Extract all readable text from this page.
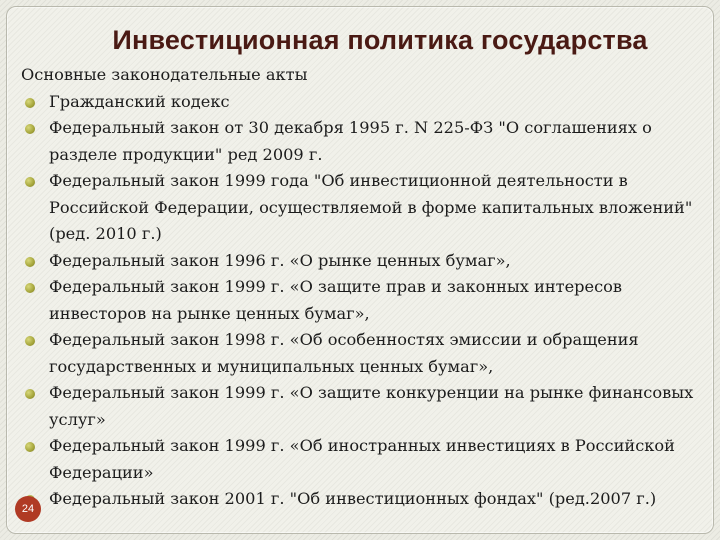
Инвестиционная политика государства

Основные законодательные акты

Гражданский кодекс
Федеральный закон от 30 декабря 1995 г. N 225-ФЗ "О соглашениях о разделе продукции" ред 2009 г.
Федеральный закон 1999 года "Об инвестиционной деятельности в Российской Федерации, осуществляемой в форме капитальных вложений" (ред. 2010 г.)
Федеральный закон 1996 г. «О рынке ценных бумаг»,
Федеральный закон 1999 г. «О защите прав и законных интересов инвесторов на рынке ценных бумаг»,
Федеральный закон 1998 г. «Об особенностях эмиссии и обращения государственных и муниципальных ценных бумаг»,
Федеральный закон 1999 г. «О защите конкуренции на рынке финансовых услуг»
Федеральный закон 1999 г. «Об иностранных инвестициях в Российской Федерации»
Федеральный закон 2001 г. "Об инвестиционных фондах" (ред.2007 г.)
24
